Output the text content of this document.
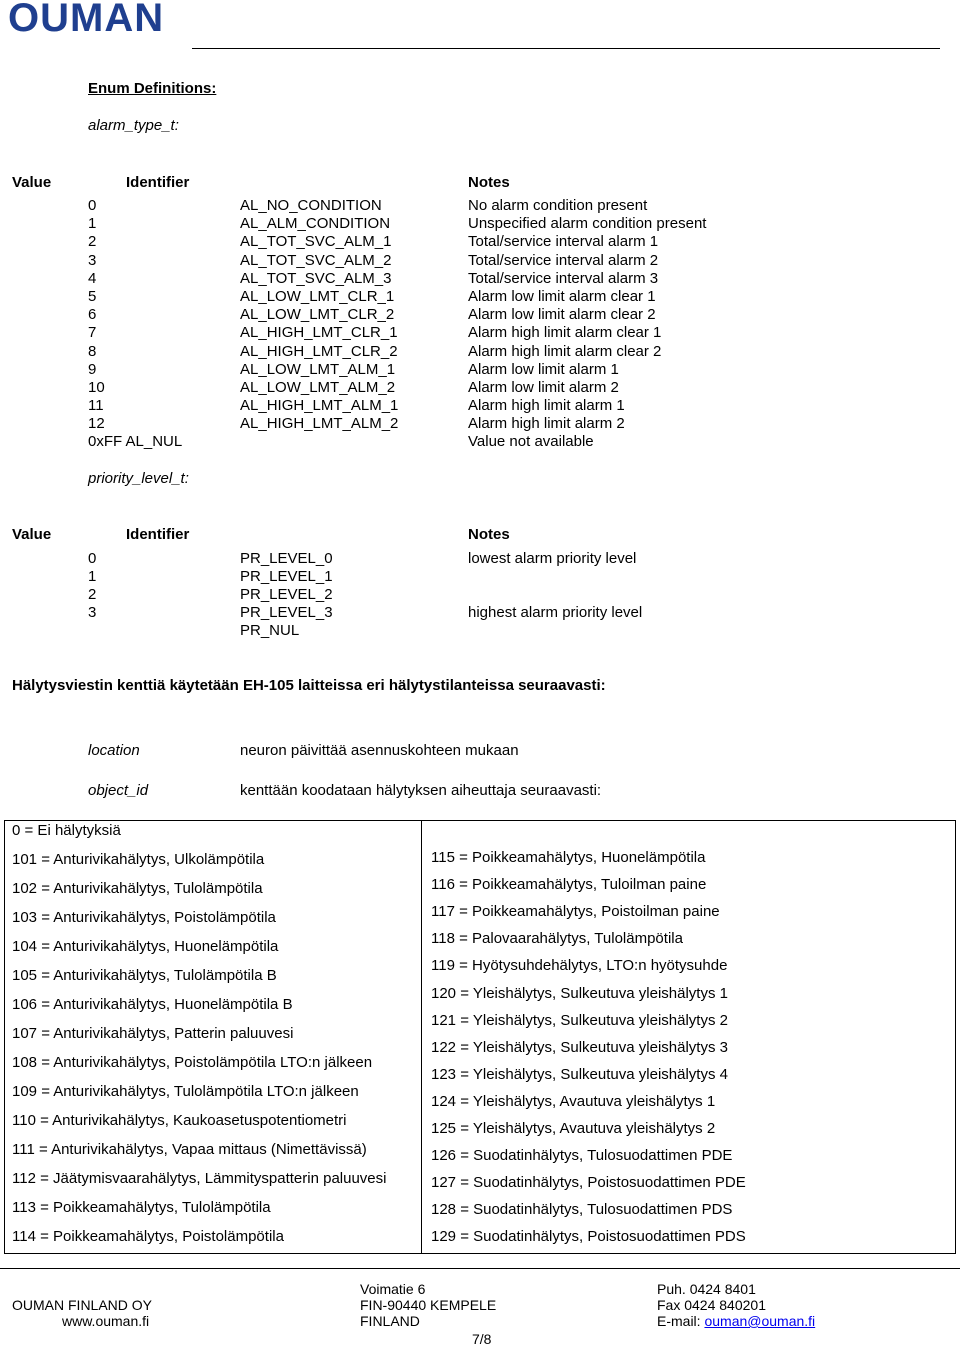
OUMAN
Enum Definitions:
alarm_type_t:
Value	Identifier	Notes
0	AL_NO_CONDITION	No alarm condition present
1	AL_ALM_CONDITION	Unspecified alarm condition present
2	AL_TOT_SVC_ALM_1	Total/service interval alarm 1
3	AL_TOT_SVC_ALM_2	Total/service interval alarm 2
4	AL_TOT_SVC_ALM_3	Total/service interval alarm 3
5	AL_LOW_LMT_CLR_1	Alarm low limit alarm clear 1
6	AL_LOW_LMT_CLR_2	Alarm low limit alarm clear 2
7	AL_HIGH_LMT_CLR_1	Alarm high limit alarm clear 1
8	AL_HIGH_LMT_CLR_2	Alarm high limit alarm clear 2
9	AL_LOW_LMT_ALM_1	Alarm low limit alarm 1
10	AL_LOW_LMT_ALM_2	Alarm low limit alarm 2
11	AL_HIGH_LMT_ALM_1	Alarm high limit alarm 1
12	AL_HIGH_LMT_ALM_2	Alarm high limit alarm 2
0xFF AL_NUL	Value not available
priority_level_t:
Value	Identifier	Notes
0	PR_LEVEL_0	lowest alarm priority level
1	PR_LEVEL_1
2	PR_LEVEL_2
3	PR_LEVEL_3	highest alarm priority level
PR_NUL
Hälytysviestin kenttiä käytetään EH-105 laitteissa eri hälytystilanteissa seuraavasti:
location	neuron päivittää asennuskohteen mukaan
object_id	kenttään koodataan hälytyksen aiheuttaja seuraavasti:
0 = Ei hälytyksiä
101 = Anturivikahälytys, Ulkolämpötila
102 = Anturivikahälytys, Tulolämpötila
103 = Anturivikahälytys, Poistolämpötila
104 = Anturivikahälytys, Huonelämpötila
105 = Anturivikahälytys, Tulolämpötila B
106 = Anturivikahälytys, Huonelämpötila B
107 = Anturivikahälytys, Patterin paluuvesi
108 = Anturivikahälytys, Poistolämpötila LTO:n jälkeen
109 = Anturivikahälytys, Tulolämpötila LTO:n jälkeen
110 = Anturivikahälytys, Kaukoasetuspotentiometri
111 = Anturivikahälytys, Vapaa mittaus (Nimettävissä)
112 = Jäätymisvaarahälytys, Lämmityspatterin paluuvesi
113 = Poikkeamahälytys, Tulolämpötila
114 = Poikkeamahälytys, Poistolämpötila
115 = Poikkeamahälytys, Huonelämpötila
116 = Poikkeamahälytys, Tuloilman paine
117 = Poikkeamahälytys, Poistoilman paine
118 = Palovaarahälytys, Tulolämpötila
119 = Hyötysuhdehälytys, LTO:n hyötysuhde
120 = Yleishälytys, Sulkeutuva yleishälytys 1
121 = Yleishälytys, Sulkeutuva yleishälytys 2
122 = Yleishälytys, Sulkeutuva yleishälytys 3
123 = Yleishälytys, Sulkeutuva yleishälytys 4
124 = Yleishälytys, Avautuva yleishälytys 1
125 = Yleishälytys, Avautuva yleishälytys 2
126 = Suodatinhälytys, Tulosuodattimen PDE
127 = Suodatinhälytys, Poistosuodattimen PDE
128 = Suodatinhälytys, Tulosuodattimen PDS
129 = Suodatinhälytys, Poistosuodattimen PDS
OUMAN FINLAND OY
www.ouman.fi
Voimatie 6
FIN-90440 KEMPELE
FINLAND
7/8
Puh. 0424 8401
Fax 0424 840201
E-mail: ouman@ouman.fi
